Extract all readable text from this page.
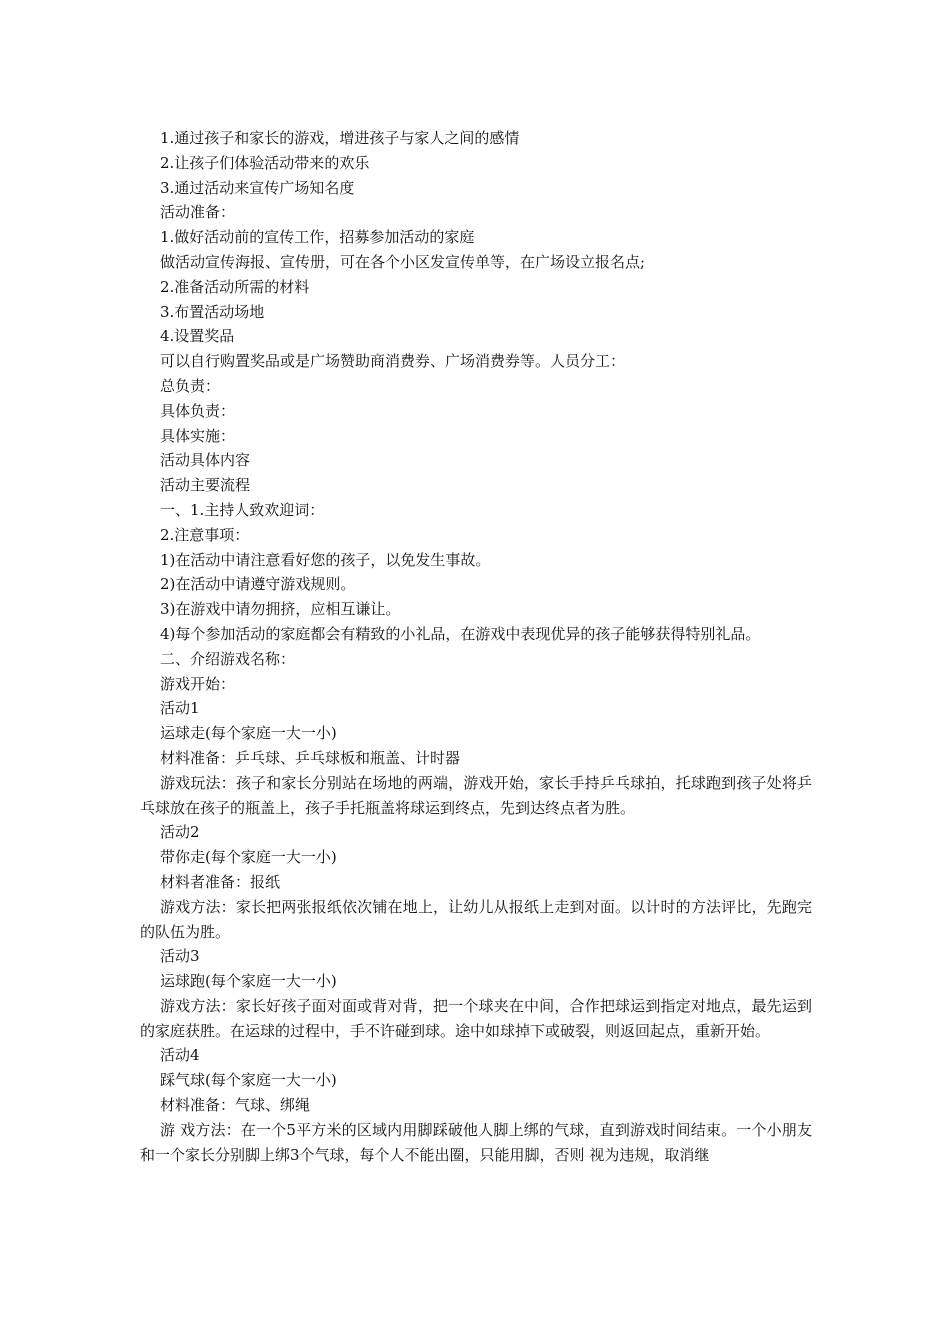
1.通过孩子和家长的游戏，增进孩子与家人之间的感情
2.让孩子们体验活动带来的欢乐
3.通过活动来宣传广场知名度
活动准备：
1.做好活动前的宣传工作，招募参加活动的家庭
做活动宣传海报、宣传册，可在各个小区发宣传单等，在广场设立报名点;
2.准备活动所需的材料
3.布置活动场地
4.设置奖品
可以自行购置奖品或是广场赞助商消费券、广场消费券等。人员分工：
总负责：
具体负责：
具体实施：
活动具体内容
活动主要流程
一、1.主持人致欢迎词：
2.注意事项：
1)在活动中请注意看好您的孩子，以免发生事故。
2)在活动中请遵守游戏规则。
3)在游戏中请勿拥挤，应相互谦让。
4)每个参加活动的家庭都会有精致的小礼品，在游戏中表现优异的孩子能够获得特别礼品。
二、介绍游戏名称：
游戏开始：
活动1
运球走(每个家庭一大一小)
材料准备：乒乓球、乒乓球板和瓶盖、计时器
游戏玩法：孩子和家长分别站在场地的两端，游戏开始，家长手持乒乓球拍，托球跑到孩子处将乒乓球放在孩子的瓶盖上，孩子手托瓶盖将球运到终点，先到达终点者为胜。
活动2
带你走(每个家庭一大一小)
材料者准备：报纸
游戏方法：家长把两张报纸依次铺在地上，让幼儿从报纸上走到对面。以计时的方法评比，先跑完的队伍为胜。
活动3
运球跑(每个家庭一大一小)
游戏方法：家长好孩子面对面或背对背，把一个球夹在中间，合作把球运到指定对地点，最先运到的家庭获胜。在运球的过程中，手不许碰到球。途中如球掉下或破裂，则返回起点，重新开始。
活动4
踩气球(每个家庭一大一小)
材料准备：气球、绑绳
游 戏方法：在一个5平方米的区域内用脚踩破他人脚上绑的气球，直到游戏时间结束。一个小朋友和一个家长分别脚上绑3个气球，每个人不能出圈，只能用脚，否则 视为违规，取消继
